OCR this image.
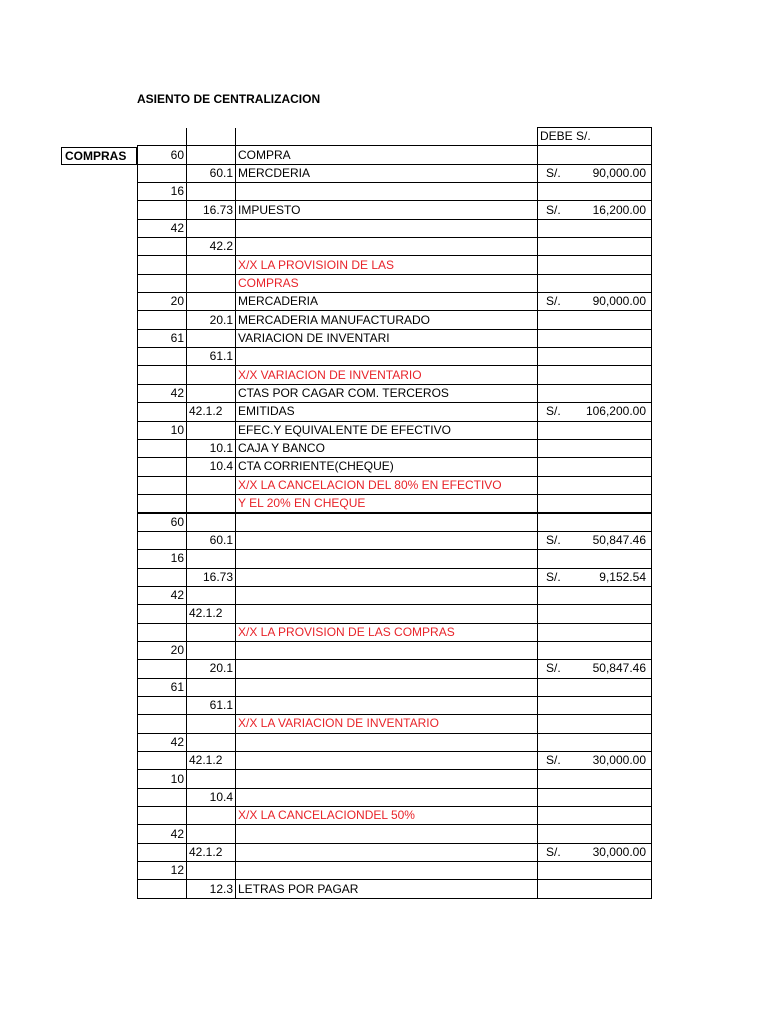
ASIENTO DE CENTRALIZACION
COMPRAS
			DEBE S/.
60		COMPRA	

	60.1	MERCDERIA	S/. 90,000.00

16			

	16.73	IMPUESTO	S/. 16,200.00

42			

	42.2		

		X/X LA PROVISIOIN DE LAS	

		COMPRAS	

20		MERCADERIA	S/. 90,000.00

	20.1	MERCADERIA MANUFACTURADO	

61		VARIACION DE INVENTARI	

	61.1		

		X/X VARIACION DE INVENTARIO	

42		CTAS POR CAGAR COM. TERCEROS	

	42.1.2	EMITIDAS	S/. 106,200.00

10		EFEC.Y EQUIVALENTE DE EFECTIVO	

	10.1	CAJA Y BANCO	

	10.4	CTA CORRIENTE(CHEQUE)	

		X/X LA CANCELACION DEL 80% EN EFECTIVO	

		Y EL 20% EN CHEQUE	

60			

	60.1		S/. 50,847.46

16			

	16.73		S/. 9,152.54

42			

	42.1.2		

		X/X LA PROVISION DE LAS COMPRAS	

20			

	20.1		S/. 50,847.46

61			

	61.1		

		X/X LA VARIACION DE INVENTARIO	

42			

	42.1.2		S/. 30,000.00

10			

	10.4		

		X/X LA CANCELACIONDEL 50%	

42			

	42.1.2		S/. 30,000.00

12			

	12.3	LETRAS POR PAGAR	
